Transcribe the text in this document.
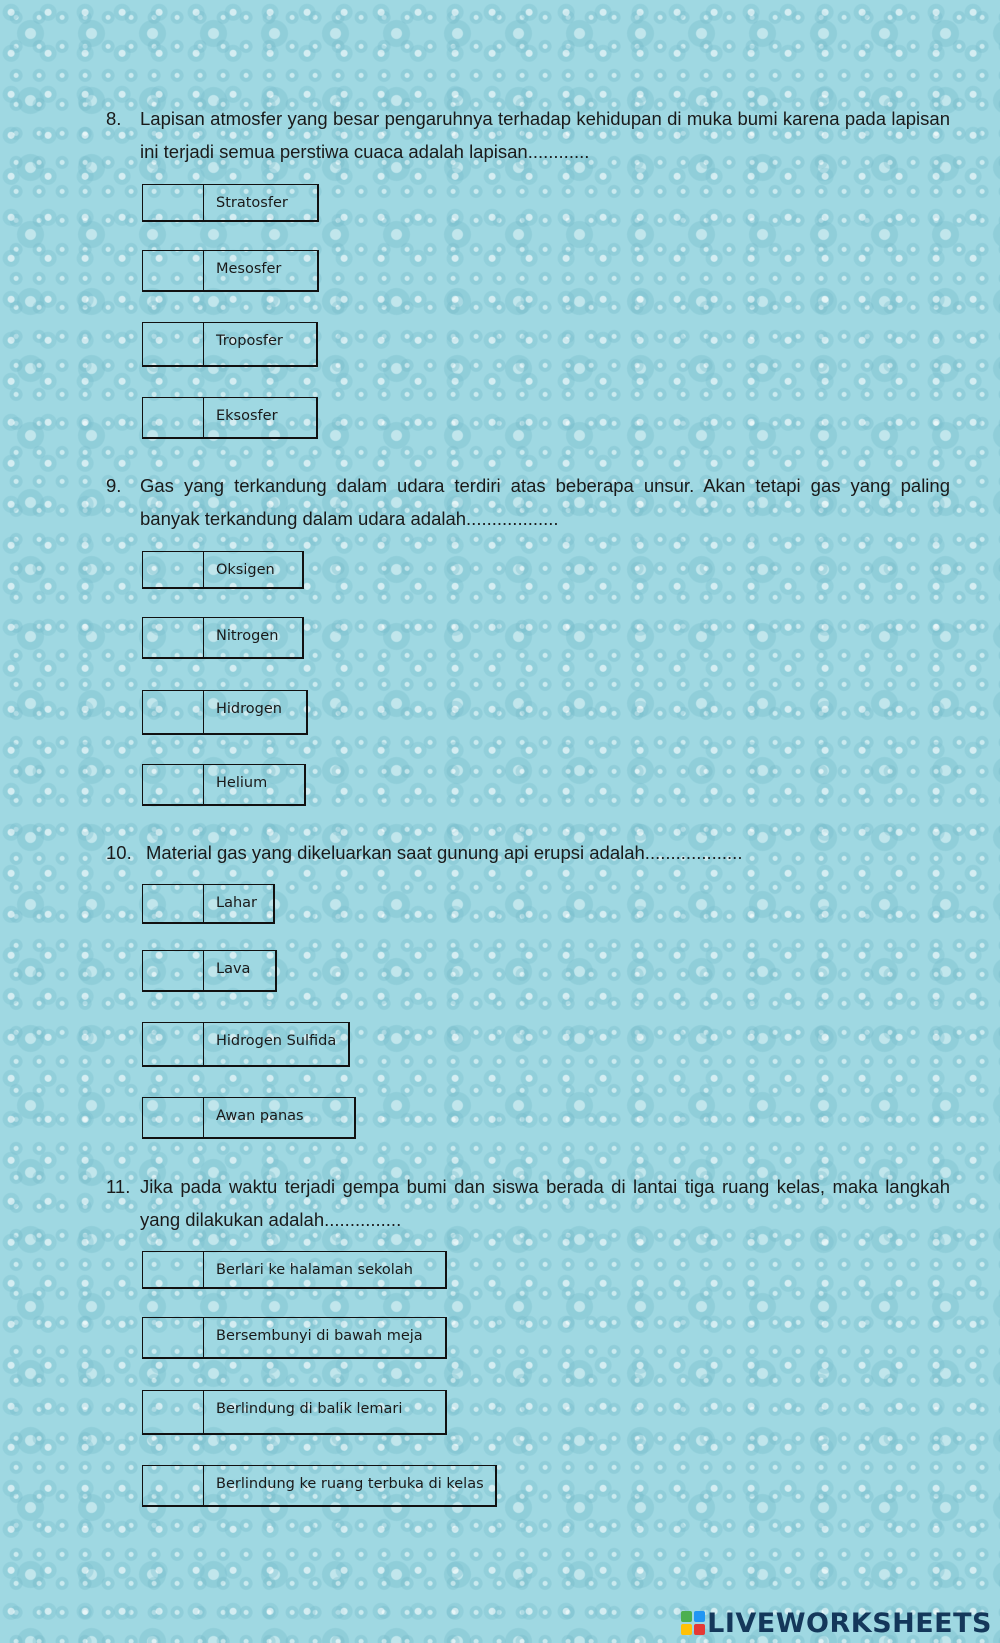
8. Lapisan atmosfer yang besar pengaruhnya terhadap kehidupan di muka bumi karena pada lapisan ini terjadi semua perstiwa cuaca adalah lapisan............
Stratosfer
Mesosfer
Troposfer
Eksosfer
9. Gas yang terkandung dalam udara terdiri atas beberapa unsur. Akan tetapi gas yang paling banyak terkandung dalam udara adalah..................
Oksigen
Nitrogen
Hidrogen
Helium
10. Material gas yang dikeluarkan saat gunung api erupsi adalah...................
Lahar
Lava
Hidrogen Sulfida
Awan panas
11. Jika pada waktu terjadi gempa bumi dan siswa berada di lantai tiga ruang kelas, maka langkah yang dilakukan adalah...............
Berlari ke halaman sekolah
Bersembunyi di bawah meja
Berlindung di balik lemari
Berlindung ke ruang terbuka di kelas
LIVEWORKSHEETS
